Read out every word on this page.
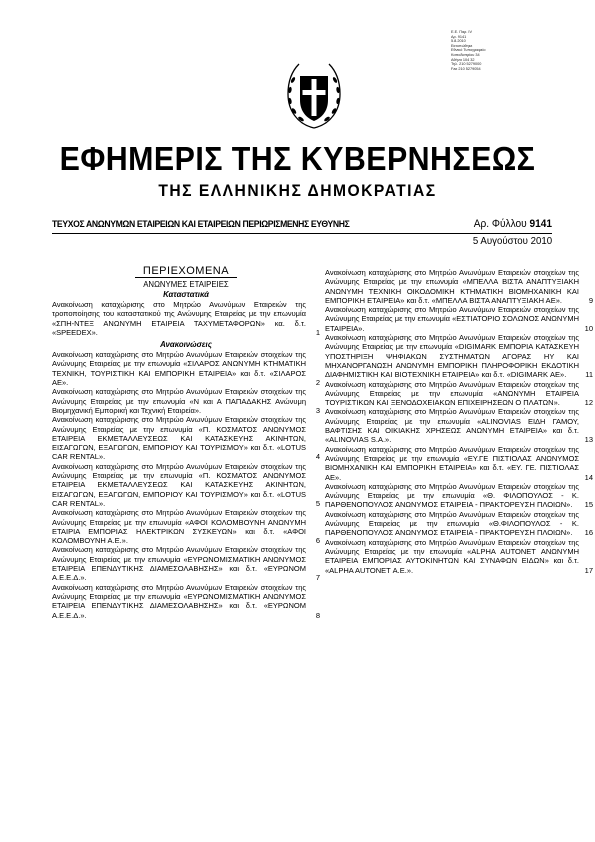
Ε.Ε. Παρ. IV
Αρ. 9141
5.8.2010
Εκτυπώθηκε
Εθνικό Τυπογραφείο
Καποδιστρίου 34
Αθήνα 104 32
Τηλ. 210 5279000
Fax 210 5279054
ΕΦΗΜΕΡΙΣ ΤΗΣ ΚΥΒΕΡΝΗΣΕΩΣ
ΤΗΣ ΕΛΛΗΝΙΚΗΣ ΔΗΜΟΚΡΑΤΙΑΣ
ΤΕΥΧΟΣ ΑΝΩΝΥΜΩΝ ΕΤΑΙΡΕΙΩΝ ΚΑΙ ΕΤΑΙΡΕΙΩΝ ΠΕΡΙΩΡΙΣΜΕΝΗΣ ΕΥΘΥΝΗΣ	Αρ. Φύλλου 9141
5 Αυγούστου 2010
ΠΕΡΙΕΧΟΜΕΝΑ
ΑΝΩΝΥΜΕΣ ΕΤΑΙΡΕΙΕΣ
Καταστατικά

Ανακοίνωση καταχώρισης στο Μητρώο Ανωνύμων Εταιρειών της τροποποίησης του καταστατικού της Ανώνυμης Εταιρείας με την επωνυμία «ΣΠΗ-ΝΤΕΞ ΑΝΩΝΥΜΗ ΕΤΑΙΡΕΙΑ ΤΑΧΥΜΕΤΑΦΟΡΩΝ» κα. δ.τ. «SPEEDEX».	1

Ανακοινώσεις

Ανακοίνωση καταχώρισης στο Μητρώο Ανωνύμων Εταιρειών στοιχείων της Ανώνυμης Εταιρείας με την επωνυμία «ΣΙΛΑΡΟΣ ΑΝΩΝΥΜΗ ΚΤΗΜΑΤΙΚΗ ΤΕΧΝΙΚΗ, ΤΟΥΡΙΣΤΙΚΗ ΚΑΙ ΕΜΠΟΡΙΚΗ ΕΤΑΙΡΕΙΑ» και δ.τ. «ΣΙΛΑΡΟΣ ΑΕ».	2

Ανακοίνωση καταχώρισης στο Μητρώο Ανωνύμων Εταιρειών στοιχείων της Ανώνυμης Εταιρείας με την επωνυμία «Ν και Α ΠΑΠΑΔΑΚΗΣ Ανώνυμη Βιομηχανική Εμπορική και Τεχνική Εταιρεία».	3

Ανακοίνωση καταχώρισης στο Μητρώο Ανωνύμων Εταιρειών στοιχείων της Ανώνυμης Εταιρείας με την επωνυμία «Π. ΚΟΣΜΑΤΟΣ ΑΝΩΝΥΜΟΣ ΕΤΑΙΡΕΙΑ ΕΚΜΕΤΑΛΛΕΥΣΕΩΣ ΚΑΙ ΚΑΤΑΣΚΕΥΗΣ ΑΚΙΝΗΤΩΝ, ΕΙΣΑΓΩΓΩΝ, ΕΞΑΓΩΓΩΝ, ΕΜΠΟΡΙΟΥ ΚΑΙ ΤΟΥΡΙΣΜΟΥ» και δ.τ. «LOTUS CAR RENTAL».	4

Ανακοίνωση καταχώρισης στο Μητρώο Ανωνύμων Εταιρειών στοιχείων της Ανώνυμης Εταιρείας με την επωνυμία «Π. ΚΟΣΜΑΤΟΣ ΑΝΩΝΥΜΟΣ ΕΤΑΙΡΕΙΑ ΕΚΜΕΤΑΛΛΕΥΣΕΩΣ ΚΑΙ ΚΑΤΑΣΚΕΥΗΣ ΑΚΙΝΗΤΩΝ, ΕΙΣΑΓΩΓΩΝ, ΕΞΑΓΩΓΩΝ, ΕΜΠΟΡΙΟΥ ΚΑΙ ΤΟΥΡΙΣΜΟΥ» και δ.τ. «LOTUS CAR RENTAL».	5

Ανακοίνωση καταχώρισης στο Μητρώο Ανωνύμων Εταιρειών στοιχείων της Ανώνυμης Εταιρείας με την επωνυμία «ΑΦΟΙ ΚΟΛΟΜΒΟΥΝΗ ΑΝΩΝΥΜΗ ΕΤΑΙΡΙΑ ΕΜΠΟΡΙΑΣ ΗΛΕΚΤΡΙΚΩΝ ΣΥΣΚΕΥΩΝ» και δ.τ. «ΑΦΟΙ ΚΟΛΟΜΒΟΥΝΗ Α.Ε.».	6

Ανακοίνωση καταχώρισης στο Μητρώο Ανωνύμων Εταιρειών στοιχείων της Ανώνυμης Εταιρείας με την επωνυμία «ΕΥΡΩΝΟΜΙΣΜΑΤΙΚΗ ΑΝΩΝΥΜΟΣ ΕΤΑΙΡΕΙΑ ΕΠΕΝΔΥΤΙΚΗΣ ΔΙΑΜΕΣΟΛΑΒΗΣΗΣ» και δ.τ. «ΕΥΡΩΝΟΜ Α.Ε.Ε.Δ.».	7

Ανακοίνωση καταχώρισης στο Μητρώο Ανωνύμων Εταιρειών στοιχείων της Ανώνυμης Εταιρείας με την επωνυμία «ΕΥΡΩΝΟΜΙΣΜΑΤΙΚΗ ΑΝΩΝΥΜΟΣ ΕΤΑΙΡΕΙΑ ΕΠΕΝΔΥΤΙΚΗΣ ΔΙΑΜΕΣΟΛΑΒΗΣΗΣ» και δ.τ. «ΕΥΡΩΝΟΜ Α.Ε.Ε.Δ.».	8

Ανακοίνωση καταχώρισης στο Μητρώο Ανωνύμων Εταιρειών στοιχείων της Ανώνυμης Εταιρείας με την επωνυμία «ΜΠΕΛΛΑ ΒΙΣΤΑ ΑΝΑΠΤΥΞΙΑΚΗ ΑΝΩΝΥΜΗ ΤΕΧΝΙΚΗ ΟΙΚΟΔΟΜΙΚΗ ΚΤΗΜΑΤΙΚΗ ΒΙΟΜΗΧΑΝΙΚΗ ΚΑΙ ΕΜΠΟΡΙΚΗ ΕΤΑΙΡΕΙΑ» και δ.τ. «ΜΠΕΛΛΑ ΒΙΣΤΑ ΑΝΑΠΤΥΞΙΑΚΗ ΑΕ».	9

Ανακοίνωση καταχώρισης στο Μητρώο Ανωνύμων Εταιρειών στοιχείων της Ανώνυμης Εταιρείας με την επωνυμία «ΕΣΤΙΑΤΟΡΙΟ ΣΟΛΩΝΟΣ ΑΝΩΝΥΜΗ ΕΤΑΙΡΕΙΑ».	10

Ανακοίνωση καταχώρισης στο Μητρώο Ανωνύμων Εταιρειών στοιχείων της Ανώνυμης Εταιρείας με την επωνυμία «DIGIMARK ΕΜΠΟΡΙΑ ΚΑΤΑΣΚΕΥΗ ΥΠΟΣΤΗΡΙΞΗ ΨΗΦΙΑΚΩΝ ΣΥΣΤΗΜΑΤΩΝ ΑΓΟΡΑΣ ΗΥ ΚΑΙ ΜΗΧΑΝΟΡΓΑΝΩΣΗ ΑΝΩΝΥΜΗ ΕΜΠΟΡΙΚΗ ΠΛΗΡΟΦΟΡΙΚΗ ΕΚΔΟΤΙΚΗ ΔΙΑΦΗΜΙΣΤΙΚΗ ΚΑΙ ΒΙΟΤΕΧΝΙΚΗ ΕΤΑΙΡΕΙΑ» και δ.τ. «DIGIMARK ΑΕ».	11

Ανακοίνωση καταχώρισης στο Μητρώο Ανωνύμων Εταιρειών στοιχείων της Ανώνυμης Εταιρείας με την επωνυμία «ΑΝΩΝΥΜΗ ΕΤΑΙΡΕΙΑ ΤΟΥΡΙΣΤΙΚΩΝ ΚΑΙ ΞΕΝΟΔΟΧΕΙΑΚΩΝ ΕΠΙΧΕΙΡΗΣΕΩΝ Ο ΠΛΑΤΩΝ».	12

Ανακοίνωση καταχώρισης στο Μητρώο Ανωνύμων Εταιρειών στοιχείων της Ανώνυμης Εταιρείας με την επωνυμία «ALINOVIAS ΕΙΔΗ ΓΑΜΟΥ, ΒΑΦΤΙΣΗΣ ΚΑΙ ΟΙΚΙΑΚΗΣ ΧΡΗΣΕΩΣ ΑΝΩΝΥΜΗ ΕΤΑΙΡΕΙΑ» και δ.τ. «ALINOVIAS S.A.».	13

Ανακοίνωση καταχώρισης στο Μητρώο Ανωνύμων Εταιρειών στοιχείων της Ανώνυμης Εταιρείας με την επωνυμία «ΕΥ.ΓΕ ΠΙΣΤΙΟΛΑΣ ΑΝΩΝΥΜΟΣ ΒΙΟΜΗΧΑΝΙΚΗ ΚΑΙ ΕΜΠΟΡΙΚΗ ΕΤΑΙΡΕΙΑ» και δ.τ. «ΕΥ. ΓΕ. ΠΙΣΤΙΟΛΑΣ ΑΕ».	14

Ανακοίνωση καταχώρισης στο Μητρώο Ανωνύμων Εταιρειών στοιχείων της Ανώνυμης Εταιρείας με την επωνυμία «Θ. ΦΙΛΟΠΟΥΛΟΣ - Κ. ΠΑΡΘΕΝΟΠΟΥΛΟΣ ΑΝΩΝΥΜΟΣ ΕΤΑΙΡΕΙΑ - ΠΡΑΚΤΟΡΕΥΣΗ ΠΛΟΙΩΝ». 15

Ανακοίνωση καταχώρισης στο Μητρώο Ανωνύμων Εταιρειών στοιχείων της Ανώνυμης Εταιρείας με την επωνυμία «Θ.ΦΙΛΟΠΟΥΛΟΣ - Κ. ΠΑΡΘΕΝΟΠΟΥΛΟΣ ΑΝΩΝΥΜΟΣ ΕΤΑΙΡΕΙΑ - ΠΡΑΚΤΟΡΕΥΣΗ ΠΛΟΙΩΝ». 16

Ανακοίνωση καταχώρισης στο Μητρώο Ανωνύμων Εταιρειών στοιχείων της Ανώνυμης Εταιρείας με την επωνυμία «ALPHA AUTONET ΑΝΩΝΥΜΗ ΕΤΑΙΡΕΙΑ ΕΜΠΟΡΙΑΣ ΑΥΤΟΚΙΝΗΤΩΝ ΚΑΙ ΣΥΝΑΦΩΝ ΕΙΔΩΝ» και δ.τ. «ALPHA AUTONET Α.Ε.».	17
